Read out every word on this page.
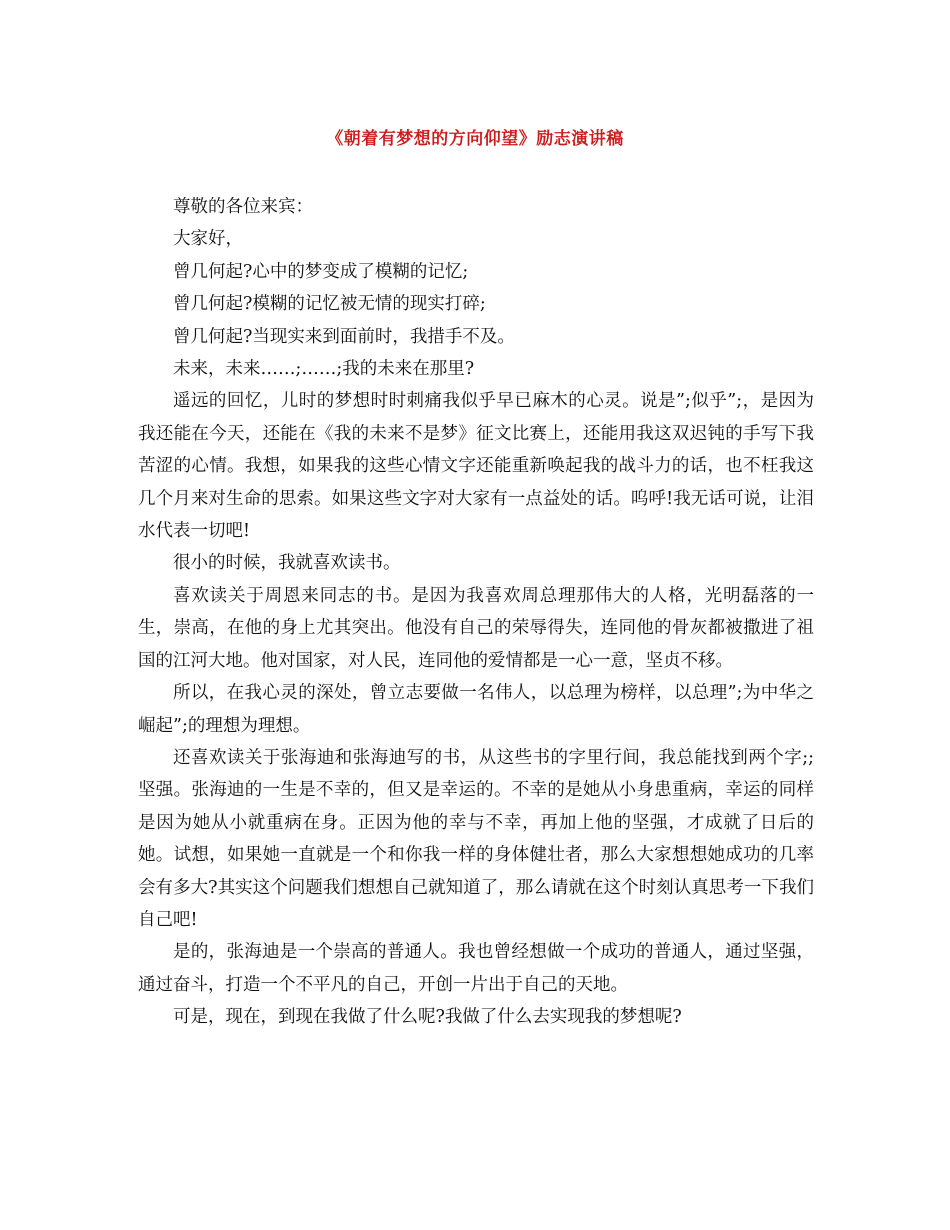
《朝着有梦想的方向仰望》励志演讲稿

尊敬的各位来宾：

大家好，

曾几何起?心中的梦变成了模糊的记忆;

曾几何起?模糊的记忆被无情的现实打碎;

曾几何起?当现实来到面前时，我措手不及。

未来，未来……;……;我的未来在那里?

遥远的回忆，儿时的梦想时时刺痛我似乎早已麻木的心灵。说是”;似乎”;，是因为我还能在今天，还能在《我的未来不是梦》征文比赛上，还能用我这双迟钝的手写下我苦涩的心情。我想，如果我的这些心情文字还能重新唤起我的战斗力的话，也不枉我这几个月来对生命的思索。如果这些文字对大家有一点益处的话。呜呼!我无话可说，让泪水代表一切吧!

很小的时候，我就喜欢读书。

喜欢读关于周恩来同志的书。是因为我喜欢周总理那伟大的人格，光明磊落的一生，崇高，在他的身上尤其突出。他没有自己的荣辱得失，连同他的骨灰都被撒进了祖国的江河大地。他对国家，对人民，连同他的爱情都是一心一意，坚贞不移。

所以，在我心灵的深处，曾立志要做一名伟人，以总理为榜样，以总理”;为中华之崛起”;的理想为理想。

还喜欢读关于张海迪和张海迪写的书，从这些书的字里行间，我总能找到两个字;;坚强。张海迪的一生是不幸的，但又是幸运的。不幸的是她从小身患重病，幸运的同样是因为她从小就重病在身。正因为他的幸与不幸，再加上他的坚强，才成就了日后的她。试想，如果她一直就是一个和你我一样的身体健壮者，那么大家想想她成功的几率会有多大?其实这个问题我们想想自己就知道了，那么请就在这个时刻认真思考一下我们自己吧!

是的，张海迪是一个崇高的普通人。我也曾经想做一个成功的普通人，通过坚强，通过奋斗，打造一个不平凡的自己，开创一片出于自己的天地。

可是，现在，到现在我做了什么呢?我做了什么去实现我的梦想呢?
